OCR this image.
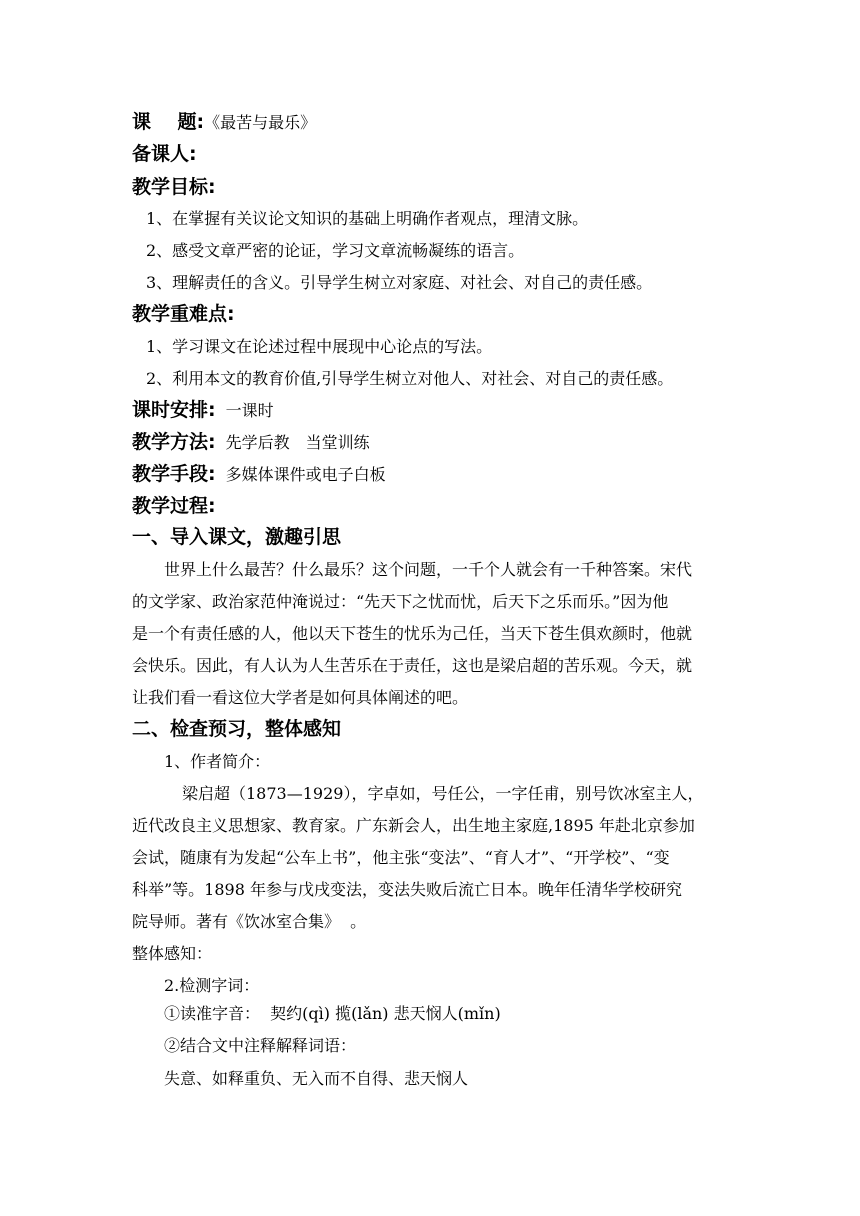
课    题:《最苦与最乐》
备课人:
教学目标:
1、在掌握有关议论文知识的基础上明确作者观点，理清文脉。
2、感受文章严密的论证，学习文章流畅凝练的语言。
3、理解责任的含义。引导学生树立对家庭、对社会、对自己的责任感。
教学重难点:
1、学习课文在论述过程中展现中心论点的写法。
2、利用本文的教育价值,引导学生树立对他人、对社会、对自己的责任感。
课时安排: 一课时
教学方法: 先学后教 当堂训练
教学手段: 多媒体课件或电子白板
教学过程:
一、导入课文，激趣引思
世界上什么最苦？什么最乐？这个问题，一千个人就会有一千种答案。宋代
的文学家、政治家范仲淹说过：“先天下之忧而忧，后天下之乐而乐。”因为他
是一个有责任感的人，他以天下苍生的忧乐为己任，当天下苍生俱欢颜时，他就
会快乐。因此，有人认为人生苦乐在于责任，这也是梁启超的苦乐观。今天，就
让我们看一看这位大学者是如何具体阐述的吧。
二、检查预习，整体感知
1、作者简介：
梁启超（1873—1929），字卓如，号任公，一字任甫，别号饮冰室主人，
近代改良主义思想家、教育家。广东新会人，出生地主家庭,1895 年赴北京参加
会试，随康有为发起“公车上书”，他主张“变法”、“育人才”、“开学校”、“变
科举”等。1898 年参与戊戌变法，变法失败后流亡日本。晚年任清华学校研究
院导师。著有《饮冰室合集》  。
整体感知：
2.检测字词：
①读准字音：  契约(qì) 揽(lǎn) 悲天悯人(mǐn)
②结合文中注释解释词语：
失意、如释重负、无入而不自得、悲天悯人
